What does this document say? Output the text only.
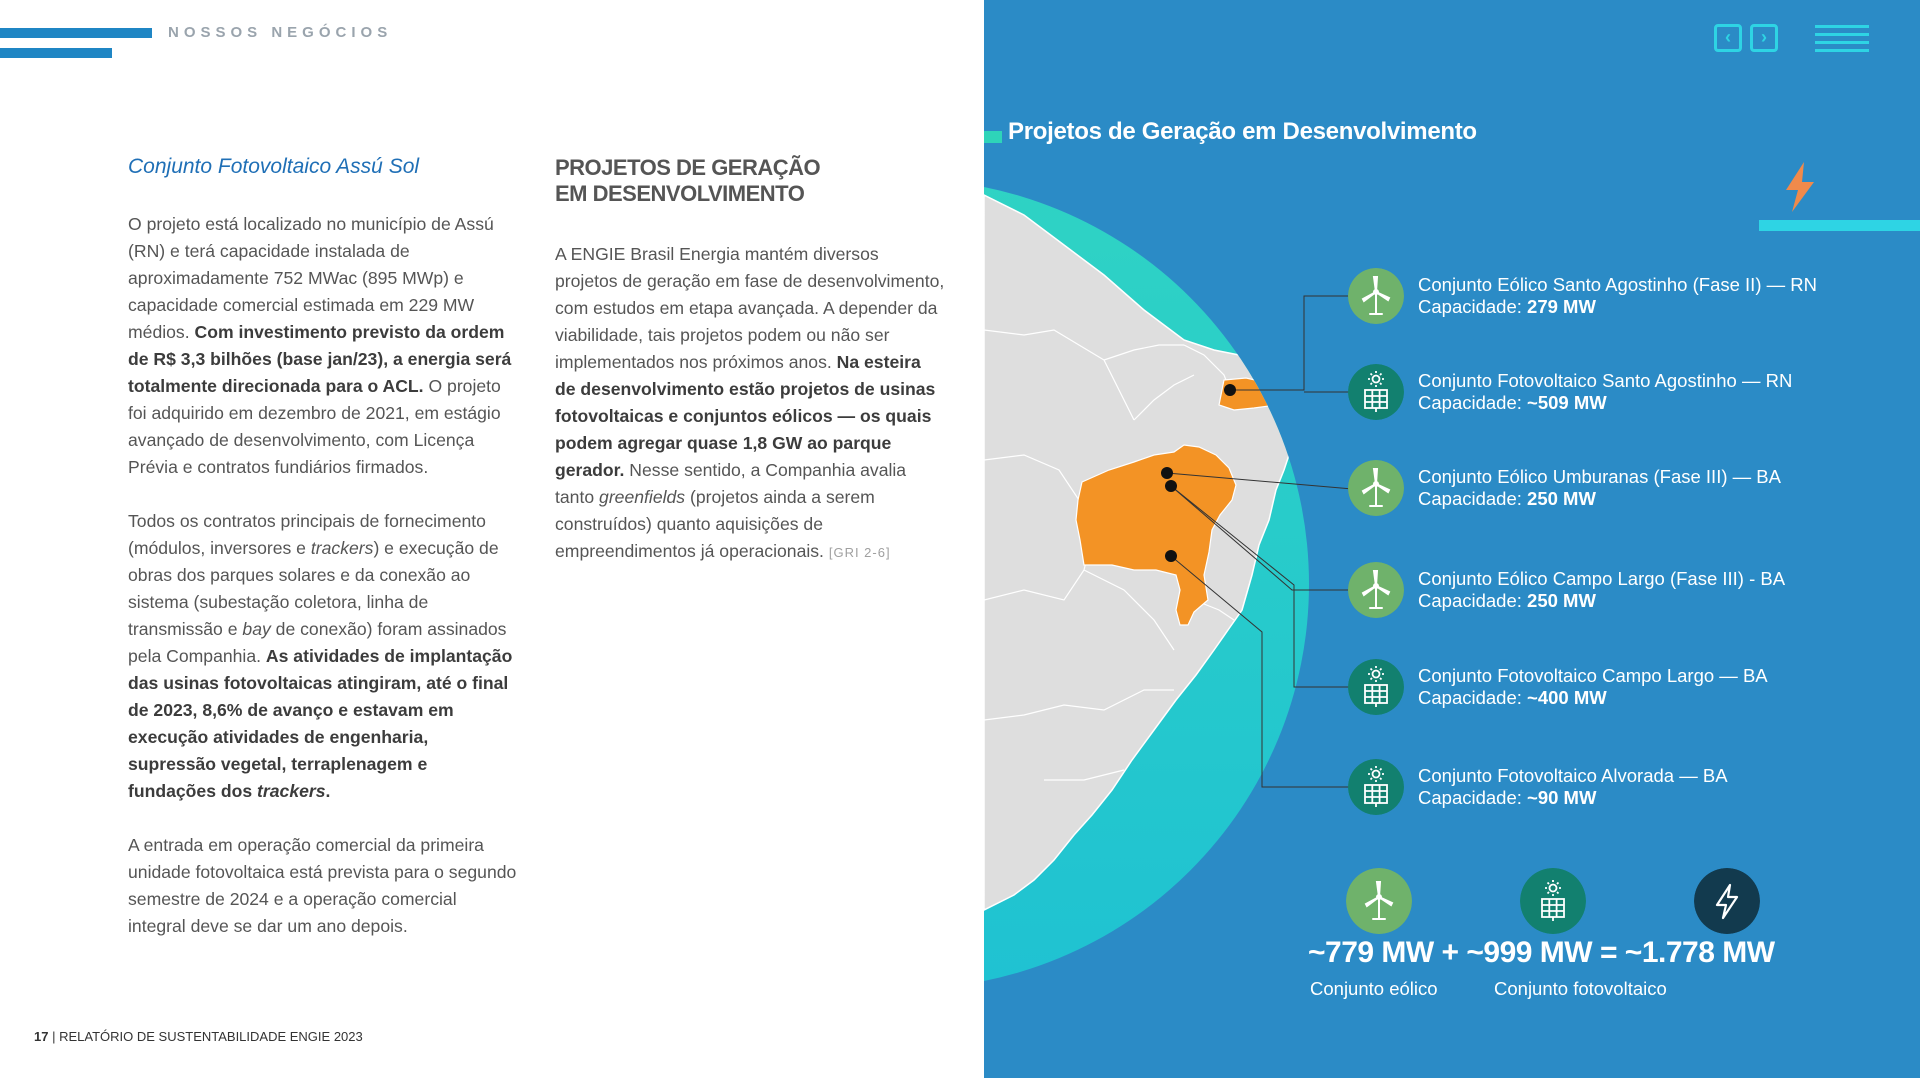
NOSSOS NEGÓCIOS
Conjunto Fotovoltaico Assú Sol

O projeto está localizado no município de Assú (RN) e terá capacidade instalada de aproximadamente 752 MWac (895 MWp) e capacidade comercial estimada em 229 MW médios. Com investimento previsto da ordem de R$ 3,3 bilhões (base jan/23), a energia será totalmente direcionada para o ACL. O projeto foi adquirido em dezembro de 2021, em estágio avançado de desenvolvimento, com Licença Prévia e contratos fundiários firmados.

Todos os contratos principais de fornecimento (módulos, inversores e trackers) e execução de obras dos parques solares e da conexão ao sistema (subestação coletora, linha de transmissão e bay de conexão) foram assinados pela Companhia. As atividades de implantação das usinas fotovoltaicas atingiram, até o final de 2023, 8,6% de avanço e estavam em execução atividades de engenharia, supressão vegetal, terraplenagem e fundações dos trackers.

A entrada em operação comercial da primeira unidade fotovoltaica está prevista para o segundo semestre de 2024 e a operação comercial integral deve se dar um ano depois.

PROJETOS DE GERAÇÃO
EM DESENVOLVIMENTO

A ENGIE Brasil Energia mantém diversos projetos de geração em fase de desenvolvimento, com estudos em etapa avançada. A depender da viabilidade, tais projetos podem ou não ser implementados nos próximos anos. Na esteira de desenvolvimento estão projetos de usinas fotovoltaicas e conjuntos eólicos — os quais podem agregar quase 1,8 GW ao parque gerador. Nesse sentido, a Companhia avalia tanto greenfields (projetos ainda a serem construídos) quanto aquisições de empreendimentos já operacionais. [GRI 2-6]

17 | RELATÓRIO DE SUSTENTABILIDADE ENGIE 2023
Projetos de Geração em Desenvolvimento
‹	›
Conjunto Eólico Santo Agostinho (Fase II) — RN
Capacidade: 279 MW
Conjunto Fotovoltaico Santo Agostinho — RN
Capacidade: ~509 MW
Conjunto Eólico Umburanas (Fase III) — BA
Capacidade: 250 MW
Conjunto Eólico Campo Largo (Fase III) - BA
Capacidade: 250 MW
Conjunto Fotovoltaico Campo Largo — BA
Capacidade: ~400 MW
Conjunto Fotovoltaico Alvorada — BA
Capacidade: ~90 MW
~779 MW + ~999 MW = ~1.778 MW
Conjunto eólico	Conjunto fotovoltaico
